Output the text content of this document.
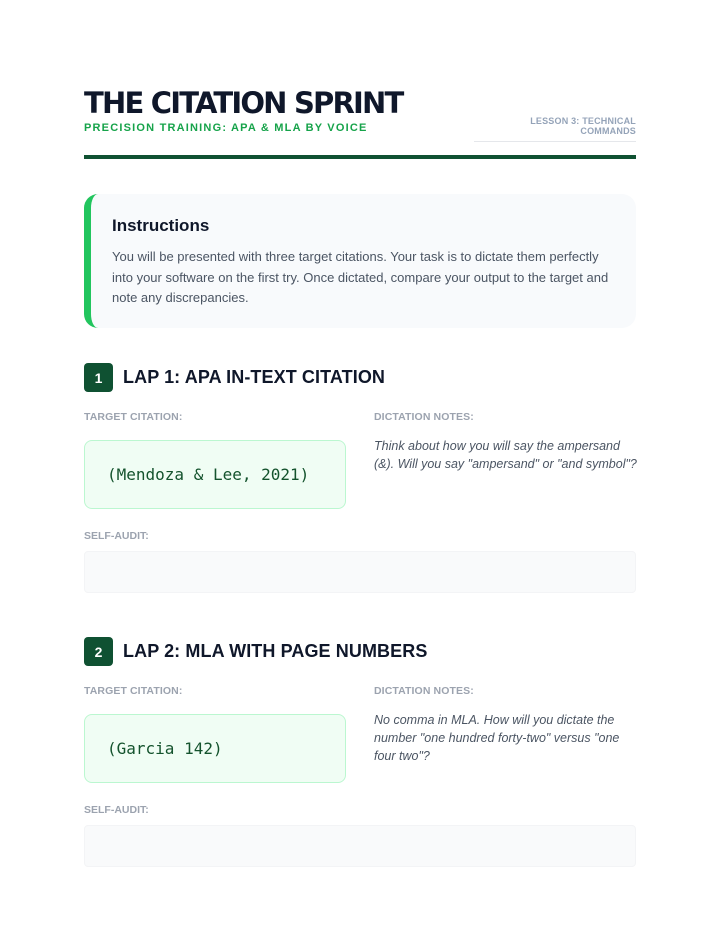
THE CITATION SPRINT
PRECISION TRAINING: APA & MLA BY VOICE
LESSON 3: TECHNICAL COMMANDS
Instructions

You will be presented with three target citations. Your task is to dictate them perfectly into your software on the first try. Once dictated, compare your output to the target and note any discrepancies.

1	LAP 1: APA IN-TEXT CITATION
TARGET CITATION:	DICTATION NOTES:
(Mendoza & Lee, 2021)
Think about how you will say the ampersand (&). Will you say "ampersand" or "and symbol"?
SELF-AUDIT:
2	LAP 2: MLA WITH PAGE NUMBERS
TARGET CITATION:	DICTATION NOTES:
(Garcia 142)
No comma in MLA. How will you dictate the number "one hundred forty-two" versus "one four two"?
SELF-AUDIT:
